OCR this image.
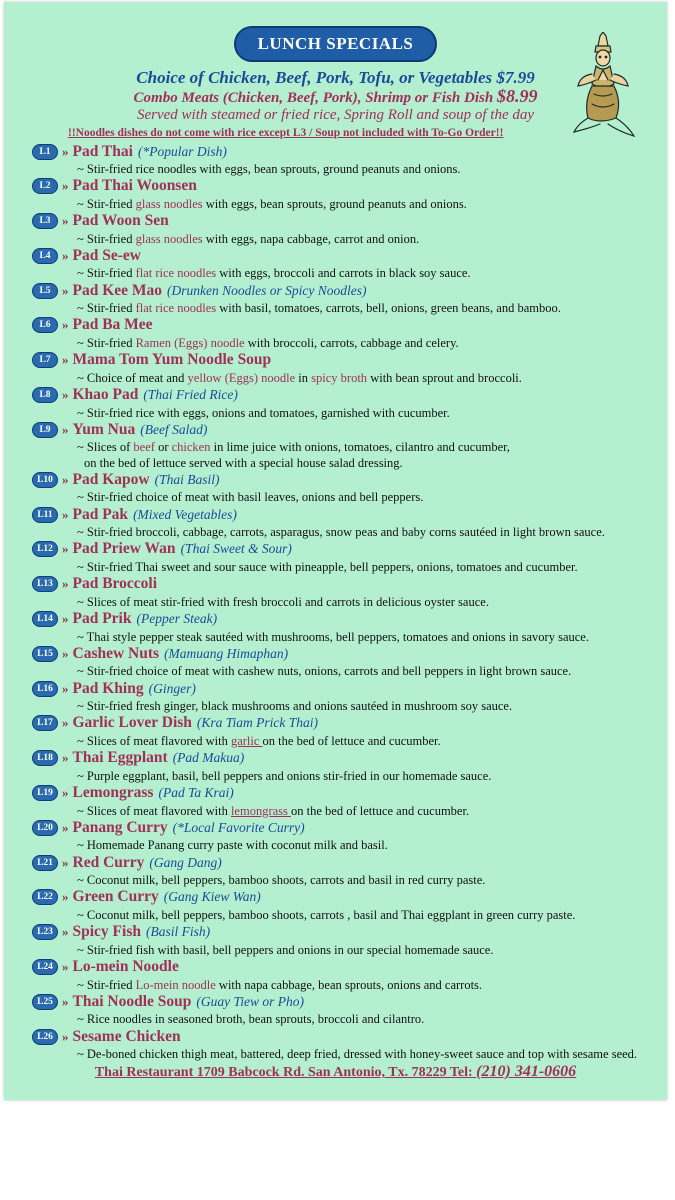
LUNCH SPECIALS
Choice of Chicken, Beef, Pork, Tofu, or Vegetables $7.99
Combo Meats (Chicken, Beef, Pork), Shrimp or Fish Dish $8.99
Served with steamed or fried rice, Spring Roll and soup of the day
!!Noodles dishes do not come with rice except L3 / Soup not included with To-Go Order!!
L1 » Pad Thai (*Popular Dish)
~ Stir-fried rice noodles with eggs, bean sprouts, ground peanuts and onions.
L2 » Pad Thai Woonsen
~ Stir-fried glass noodles with eggs, bean sprouts, ground peanuts and onions.
L3 » Pad Woon Sen
~ Stir-fried glass noodles with eggs, napa cabbage, carrot and onion.
L4 » Pad Se-ew
~ Stir-fried flat rice noodles with eggs, broccoli and carrots in black soy sauce.
L5 » Pad Kee Mao (Drunken Noodles or Spicy Noodles)
~ Stir-fried flat rice noodles with basil, tomatoes, carrots, bell, onions, green beans, and bamboo.
L6 » Pad Ba Mee
~ Stir-fried Ramen (Eggs) noodle with broccoli, carrots, cabbage and celery.
L7 » Mama Tom Yum Noodle Soup
~ Choice of meat and yellow (Eggs) noodle in spicy broth with bean sprout and broccoli.
L8 » Khao Pad (Thai Fried Rice)
~ Stir-fried rice with eggs, onions and tomatoes, garnished with cucumber.
L9 » Yum Nua (Beef Salad)
~ Slices of beef or chicken in lime juice with onions, tomatoes, cilantro and cucumber,
on the bed of lettuce served with a special house salad dressing.
L10 » Pad Kapow (Thai Basil)
~ Stir-fried choice of meat with basil leaves, onions and bell peppers.
L11 » Pad Pak (Mixed Vegetables)
~ Stir-fried broccoli, cabbage, carrots, asparagus, snow peas and baby corns sautéed in light brown sauce.
L12 » Pad Priew Wan (Thai Sweet & Sour)
~ Stir-fried Thai sweet and sour sauce with pineapple, bell peppers, onions, tomatoes and cucumber.
L13 » Pad Broccoli
~ Slices of meat stir-fried with fresh broccoli and carrots in delicious oyster sauce.
L14 » Pad Prik (Pepper Steak)
~ Thai style pepper steak sautéed with mushrooms, bell peppers, tomatoes and onions in savory sauce.
L15 » Cashew Nuts (Mamuang Himaphan)
~ Stir-fried choice of meat with cashew nuts, onions, carrots and bell peppers in light brown sauce.
L16 » Pad Khing (Ginger)
~ Stir-fried fresh ginger, black mushrooms and onions sautéed in mushroom soy sauce.
L17 » Garlic Lover Dish (Kra Tiam Prick Thai)
~ Slices of meat flavored with garlic on the bed of lettuce and cucumber.
L18 » Thai Eggplant (Pad Makua)
~ Purple eggplant, basil, bell peppers and onions stir-fried in our homemade sauce.
L19 » Lemongrass (Pad Ta Krai)
~ Slices of meat flavored with lemongrass on the bed of lettuce and cucumber.
L20 » Panang Curry (*Local Favorite Curry)
~ Homemade Panang curry paste with coconut milk and basil.
L21 » Red Curry (Gang Dang)
~ Coconut milk, bell peppers, bamboo shoots, carrots and basil in red curry paste.
L22 » Green Curry (Gang Kiew Wan)
~ Coconut milk, bell peppers, bamboo shoots, carrots , basil and Thai eggplant in green curry paste.
L23 » Spicy Fish (Basil Fish)
~ Stir-fried fish with basil, bell peppers and onions in our special homemade sauce.
L24 » Lo-mein Noodle
~ Stir-fried Lo-mein noodle with napa cabbage, bean sprouts, onions and carrots.
L25 » Thai Noodle Soup (Guay Tiew or Pho)
~ Rice noodles in seasoned broth, bean sprouts, broccoli and cilantro.
L26 » Sesame Chicken
~ De-boned chicken thigh meat, battered, deep fried, dressed with honey-sweet sauce and top with sesame seed.
Thai Restaurant 1709 Babcock Rd. San Antonio, Tx. 78229 Tel: (210) 341-0606
